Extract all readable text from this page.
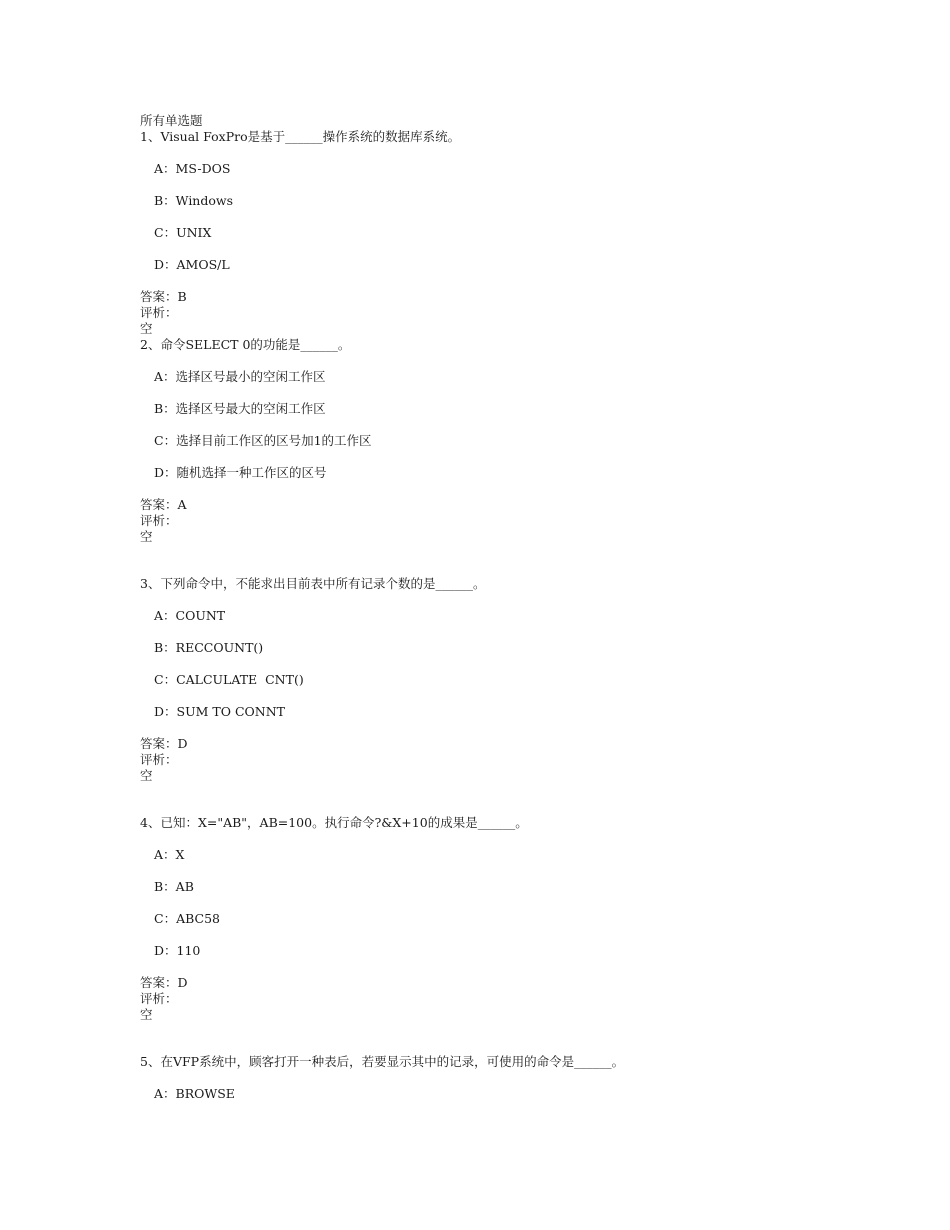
所有单选题
1、Visual FoxPro是基于______操作系统的数据库系统。
A：MS-DOS
B：Windows
C：UNIX
D：AMOS/L
答案：B
评析：
空
2、命令SELECT 0的功能是______。
A：选择区号最小的空闲工作区
B：选择区号最大的空闲工作区
C：选择目前工作区的区号加1的工作区
D：随机选择一种工作区的区号
答案：A
评析：
空
3、下列命令中，不能求出目前表中所有记录个数的是______。
A：COUNT
B：RECCOUNT()
C：CALCULATE  CNT()
D：SUM TO CONNT
答案：D
评析：
空
4、已知：X="AB"，AB=100。执行命令?&X+10的成果是______。
A：X
B：AB
C：ABC58
D：110
答案：D
评析：
空
5、在VFP系统中，顾客打开一种表后，若要显示其中的记录，可使用的命令是______。
A：BROWSE
